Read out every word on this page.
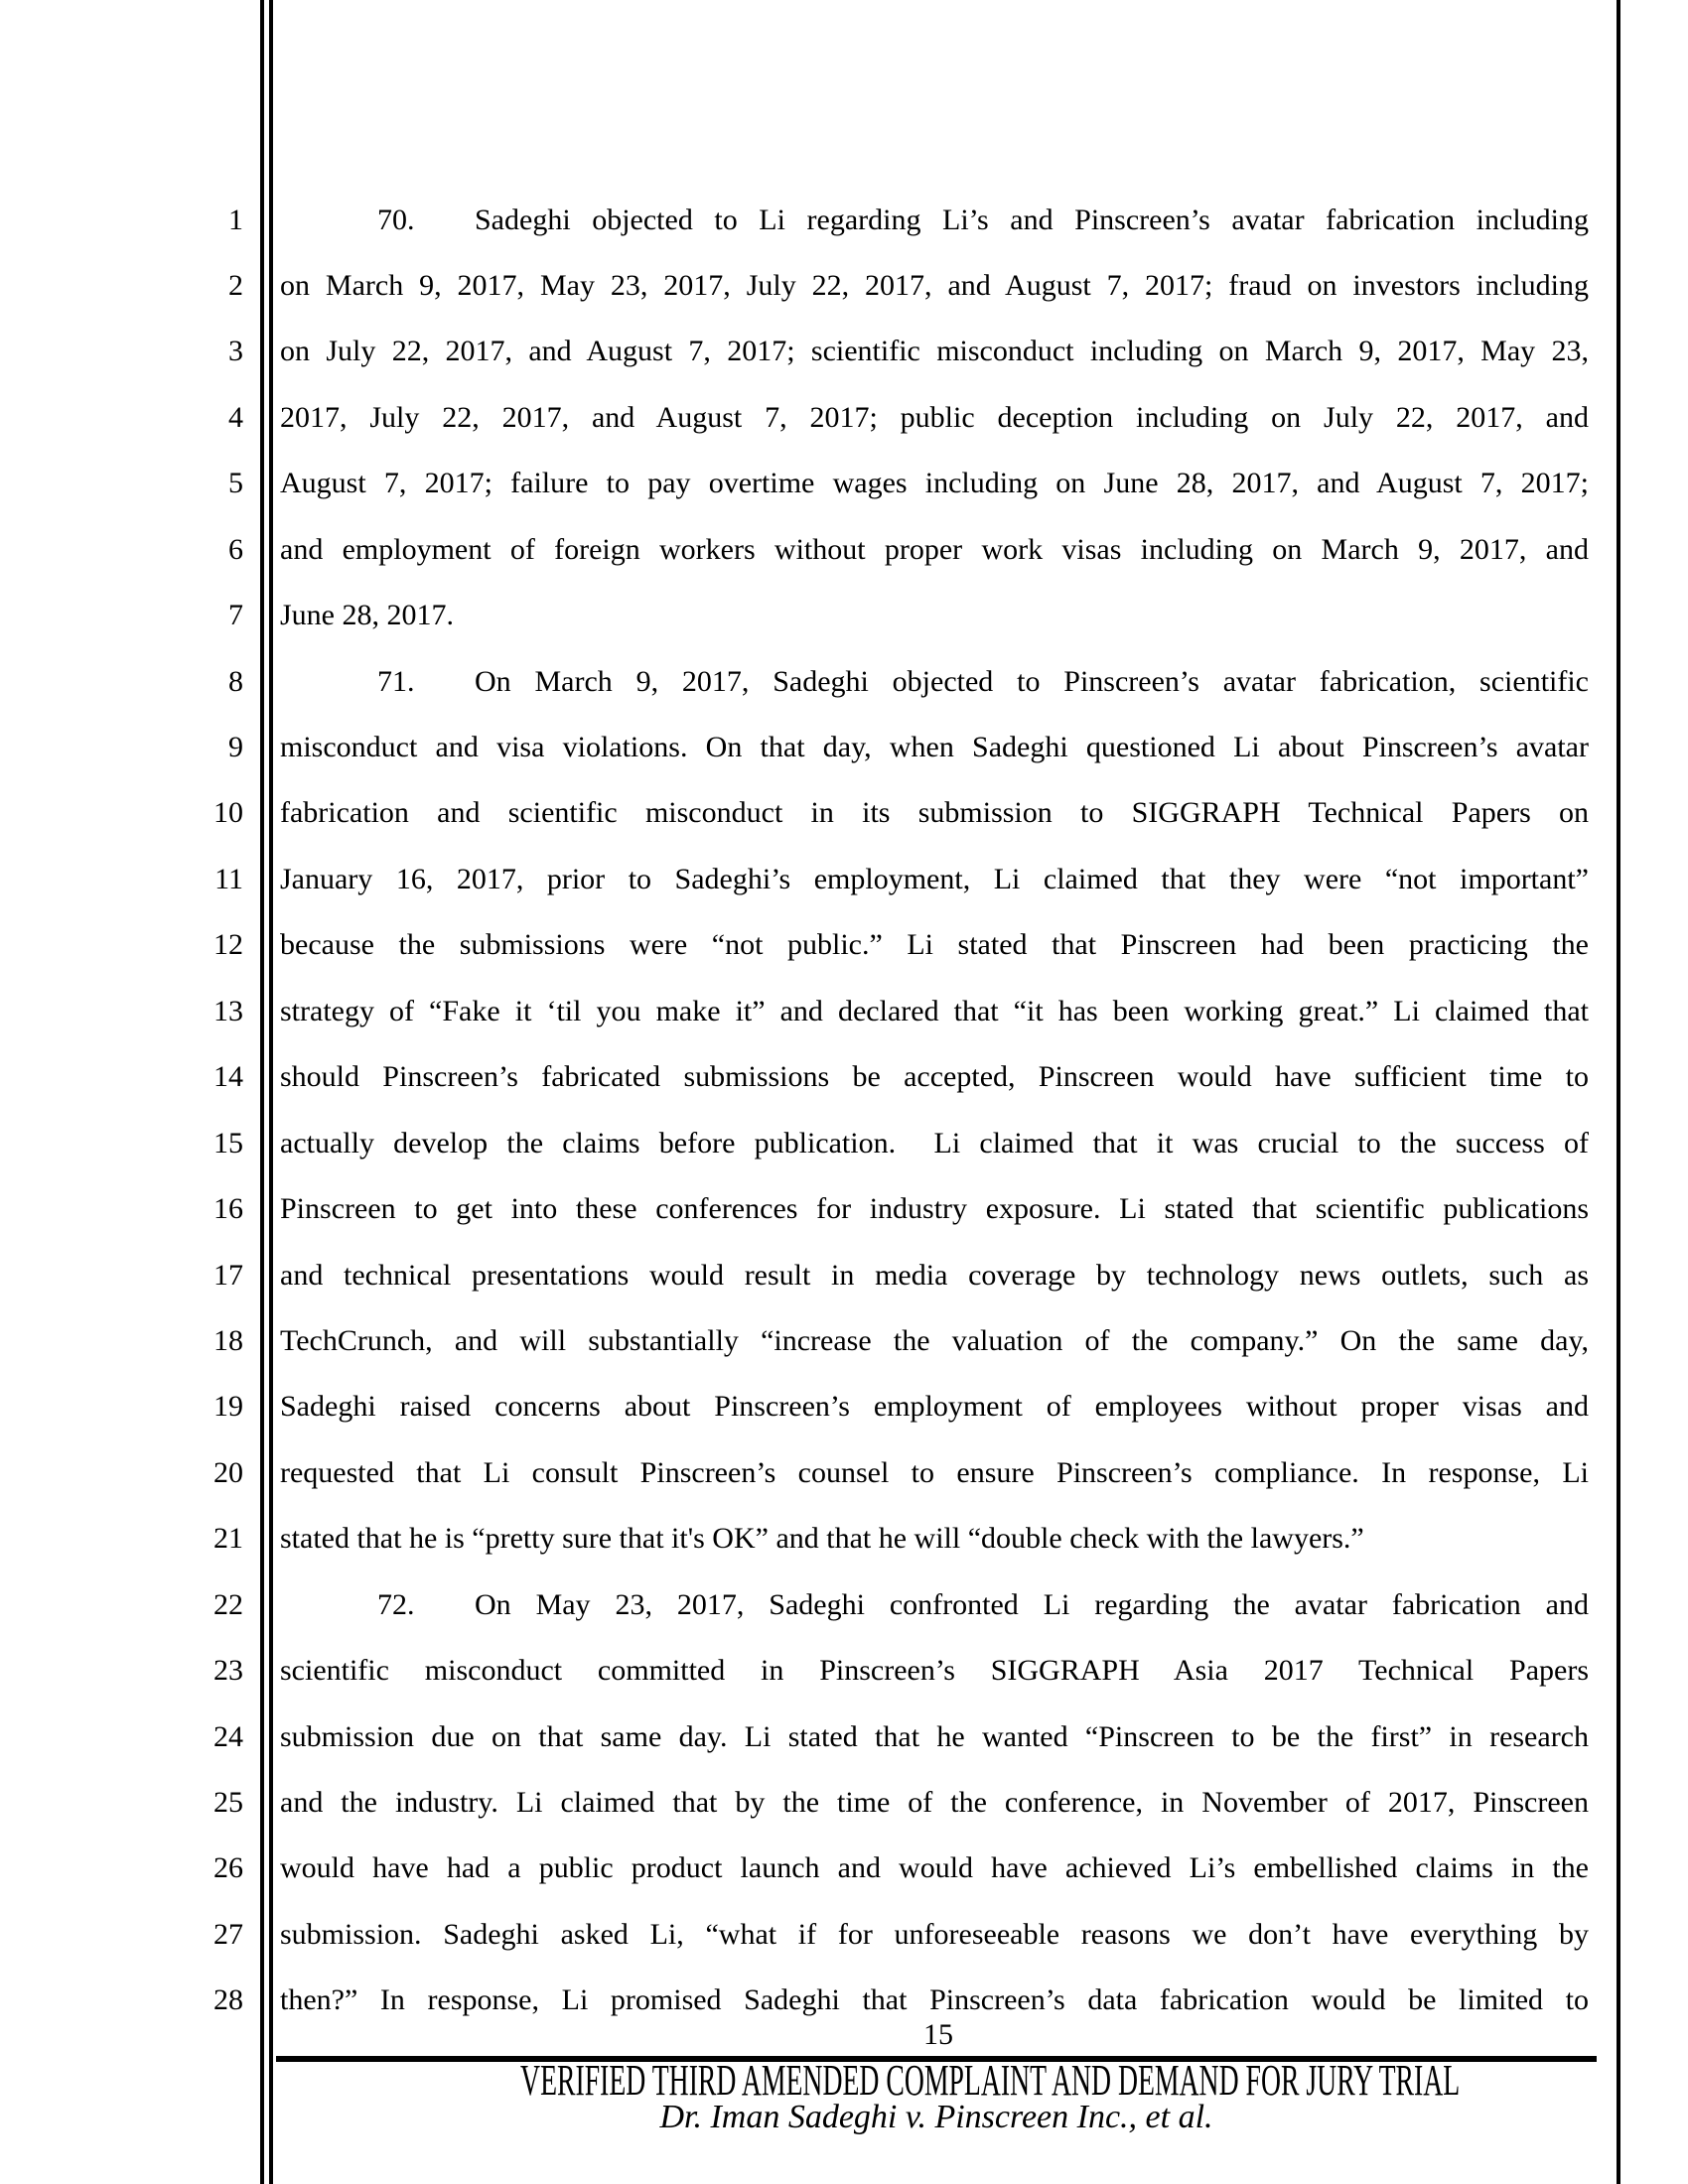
1
2
3
4
5
6
7
8
9
10
11
12
13
14
15
16
17
18
19
20
21
22
23
24
25
26
27
28
70. Sadeghi objected to Li regarding Li’s and Pinscreen’s avatar fabrication including
on March 9, 2017, May 23, 2017, July 22, 2017, and August 7, 2017; fraud on investors including
on July 22, 2017, and August 7, 2017; scientific misconduct including on March 9, 2017, May 23,
2017, July 22, 2017, and August 7, 2017; public deception including on July 22, 2017, and
August 7, 2017; failure to pay overtime wages including on June 28, 2017, and August 7, 2017;
and employment of foreign workers without proper work visas including on March 9, 2017, and
June 28, 2017.
71. On March 9, 2017, Sadeghi objected to Pinscreen’s avatar fabrication, scientific
misconduct and visa violations. On that day, when Sadeghi questioned Li about Pinscreen’s avatar
fabrication and scientific misconduct in its submission to SIGGRAPH Technical Papers on
January 16, 2017, prior to Sadeghi’s employment, Li claimed that they were “not important”
because the submissions were “not public.” Li stated that Pinscreen had been practicing the
strategy of “Fake it ‘til you make it” and declared that “it has been working great.” Li claimed that
should Pinscreen’s fabricated submissions be accepted, Pinscreen would have sufficient time to
actually develop the claims before publication.  Li claimed that it was crucial to the success of
Pinscreen to get into these conferences for industry exposure. Li stated that scientific publications
and technical presentations would result in media coverage by technology news outlets, such as
TechCrunch, and will substantially “increase the valuation of the company.” On the same day,
Sadeghi raised concerns about Pinscreen’s employment of employees without proper visas and
requested that Li consult Pinscreen’s counsel to ensure Pinscreen’s compliance. In response, Li
stated that he is “pretty sure that it's OK” and that he will “double check with the lawyers.”
72. On May 23, 2017, Sadeghi confronted Li regarding the avatar fabrication and
scientific misconduct committed in Pinscreen’s SIGGRAPH Asia 2017 Technical Papers
submission due on that same day. Li stated that he wanted “Pinscreen to be the first” in research
and the industry. Li claimed that by the time of the conference, in November of 2017, Pinscreen
would have had a public product launch and would have achieved Li’s embellished claims in the
submission. Sadeghi asked Li, “what if for unforeseeable reasons we don’t have everything by
then?” In response, Li promised Sadeghi that Pinscreen’s data fabrication would be limited to
15
VERIFIED THIRD AMENDED COMPLAINT AND DEMAND FOR JURY TRIAL
Dr. Iman Sadeghi v. Pinscreen Inc., et al.
